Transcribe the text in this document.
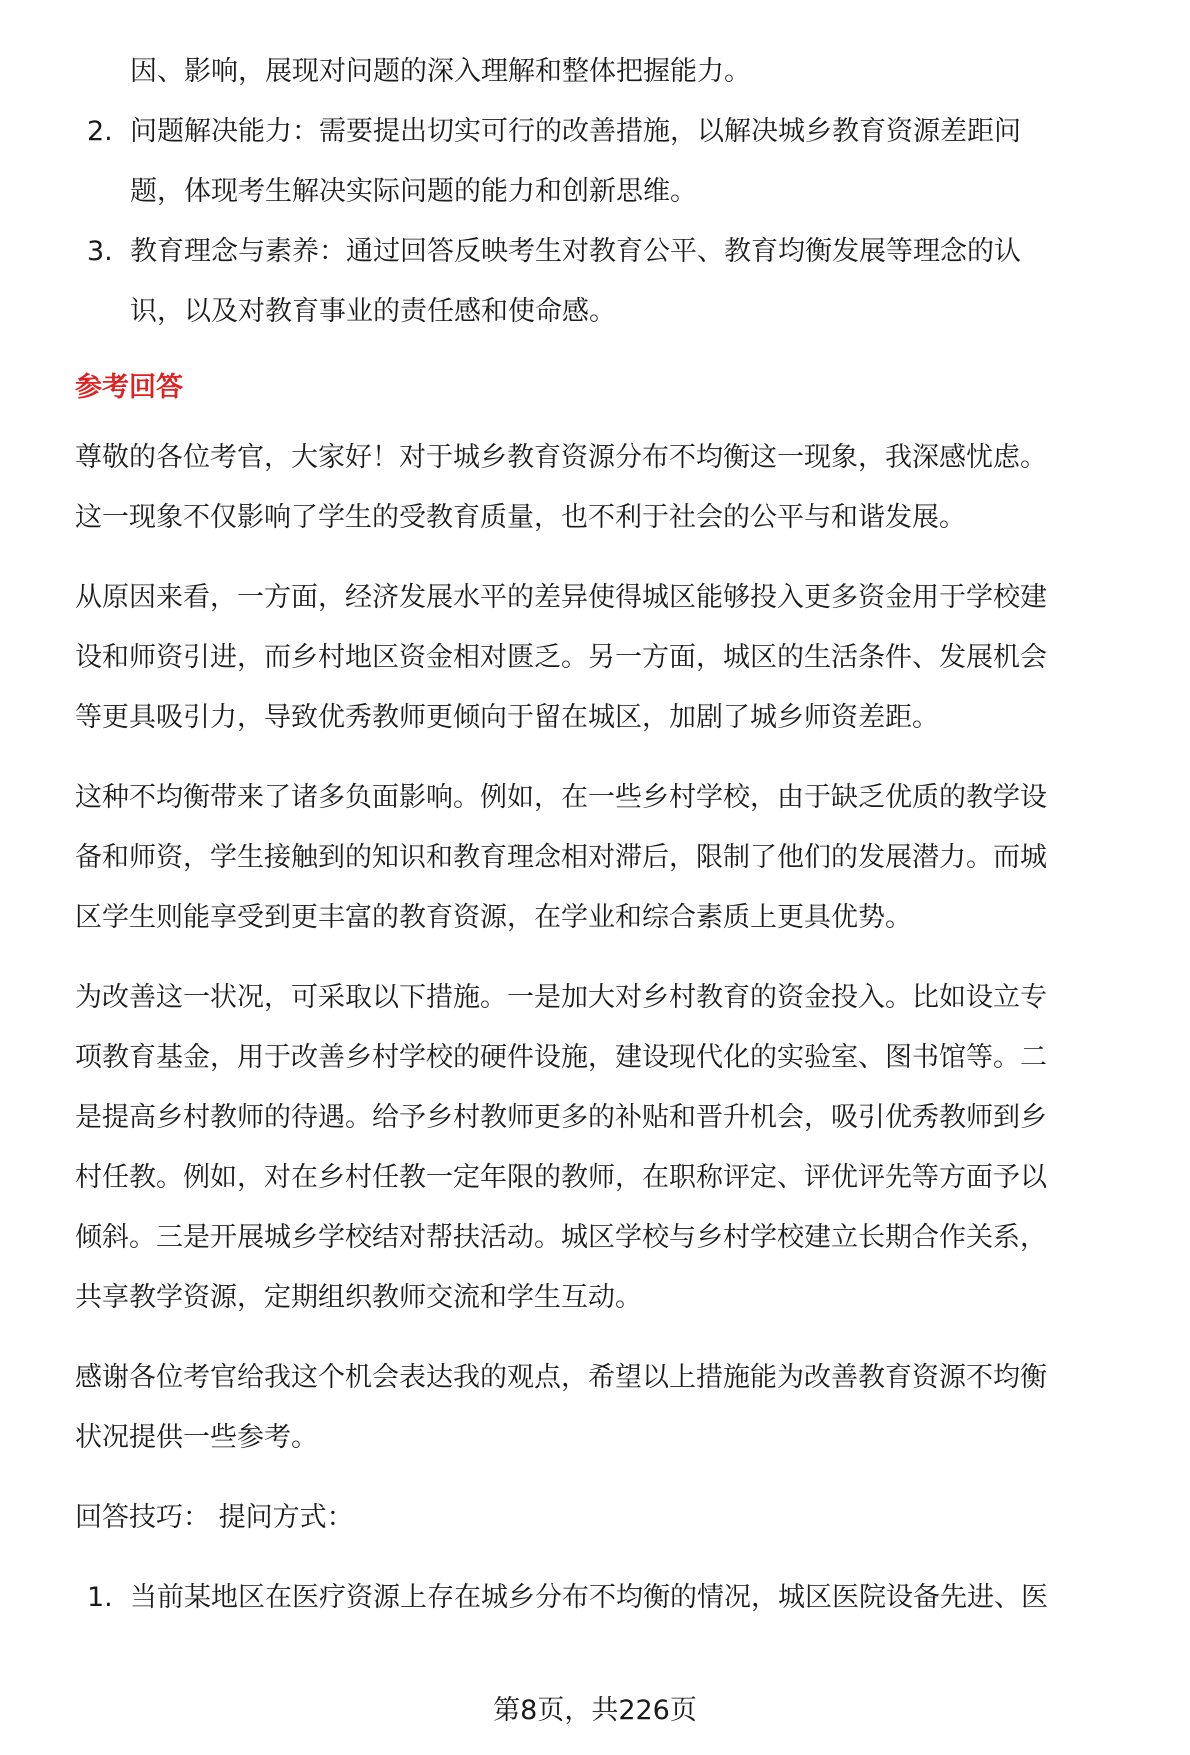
因、影响，展现对问题的深入理解和整体把握能力。
2. 问题解决能力：需要提出切实可行的改善措施，以解决城乡教育资源差距问
题，体现考生解决实际问题的能力和创新思维。
3. 教育理念与素养：通过回答反映考生对教育公平、教育均衡发展等理念的认
识，以及对教育事业的责任感和使命感。
参考回答
尊敬的各位考官，大家好！对于城乡教育资源分布不均衡这一现象，我深感忧虑。
这一现象不仅影响了学生的受教育质量，也不利于社会的公平与和谐发展。
从原因来看，一方面，经济发展水平的差异使得城区能够投入更多资金用于学校建
设和师资引进，而乡村地区资金相对匮乏。另一方面，城区的生活条件、发展机会
等更具吸引力，导致优秀教师更倾向于留在城区，加剧了城乡师资差距。
这种不均衡带来了诸多负面影响。例如，在一些乡村学校，由于缺乏优质的教学设
备和师资，学生接触到的知识和教育理念相对滞后，限制了他们的发展潜力。而城
区学生则能享受到更丰富的教育资源，在学业和综合素质上更具优势。
为改善这一状况，可采取以下措施。一是加大对乡村教育的资金投入。比如设立专
项教育基金，用于改善乡村学校的硬件设施，建设现代化的实验室、图书馆等。二
是提高乡村教师的待遇。给予乡村教师更多的补贴和晋升机会，吸引优秀教师到乡
村任教。例如，对在乡村任教一定年限的教师，在职称评定、评优评先等方面予以
倾斜。三是开展城乡学校结对帮扶活动。城区学校与乡村学校建立长期合作关系，
共享教学资源，定期组织教师交流和学生互动。
感谢各位考官给我这个机会表达我的观点，希望以上措施能为改善教育资源不均衡
状况提供一些参考。
回答技巧： 提问方式：
1. 当前某地区在医疗资源上存在城乡分布不均衡的情况，城区医院设备先进、医
第8页，共226页
